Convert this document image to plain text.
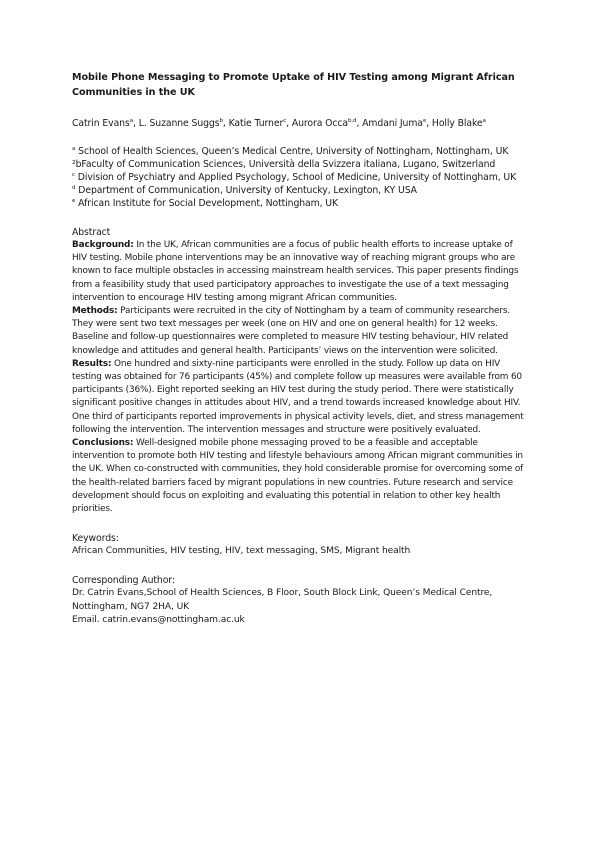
Mobile Phone Messaging to Promote Uptake of HIV Testing among Migrant African Communities in the UK
Catrin Evans$^a$, L. Suzanne Suggs$^b$, Katie Turner$^c$, Aurora Occa$^{b,d}$, Amdani Juma$^e$, Holly Blake$^a$
$^a$ School of Health Sciences, Queen’s Medical Centre, University of Nottingham, Nottingham, UK
²bFaculty of Communication Sciences, Università della Svizzera italiana, Lugano, Switzerland
$^c$ Division of Psychiatry and Applied Psychology, School of Medicine, University of Nottingham, UK
$^d$ Department of Communication, University of Kentucky, Lexington, KY USA
$^e$ African Institute for Social Development, Nottingham, UK
Abstract
Background: In the UK, African communities are a focus of public health efforts to increase uptake of HIV testing. Mobile phone interventions may be an innovative way of reaching migrant groups who are known to face multiple obstacles in accessing mainstream health services. This paper presents findings from a feasibility study that used participatory approaches to investigate the use of a text messaging intervention to encourage HIV testing among migrant African communities.
Methods: Participants were recruited in the city of Nottingham by a team of community researchers. They were sent two text messages per week (one on HIV and one on general health) for 12 weeks. Baseline and follow-up questionnaires were completed to measure HIV testing behaviour, HIV related knowledge and attitudes and general health. Participants’ views on the intervention were solicited.
Results: One hundred and sixty-nine participants were enrolled in the study. Follow up data on HIV testing was obtained for 76 participants (45%) and complete follow up measures were available from 60 participants (36%). Eight reported seeking an HIV test during the study period. There were statistically significant positive changes in attitudes about HIV, and a trend towards increased knowledge about HIV. One third of participants reported improvements in physical activity levels, diet, and stress management following the intervention. The intervention messages and structure were positively evaluated.
Conclusions: Well-designed mobile phone messaging proved to be a feasible and acceptable intervention to promote both HIV testing and lifestyle behaviours among African migrant communities in the UK. When co-constructed with communities, they hold considerable promise for overcoming some of the health-related barriers faced by migrant populations in new countries. Future research and service development should focus on exploiting and evaluating this potential in relation to other key health priorities.
Keywords:
African Communities, HIV testing, HIV, text messaging, SMS, Migrant health
Corresponding Author:
Dr. Catrin Evans,School of Health Sciences, B Floor, South Block Link, Queen’s Medical Centre, Nottingham, NG7 2HA, UK
Email. catrin.evans@nottingham.ac.uk
